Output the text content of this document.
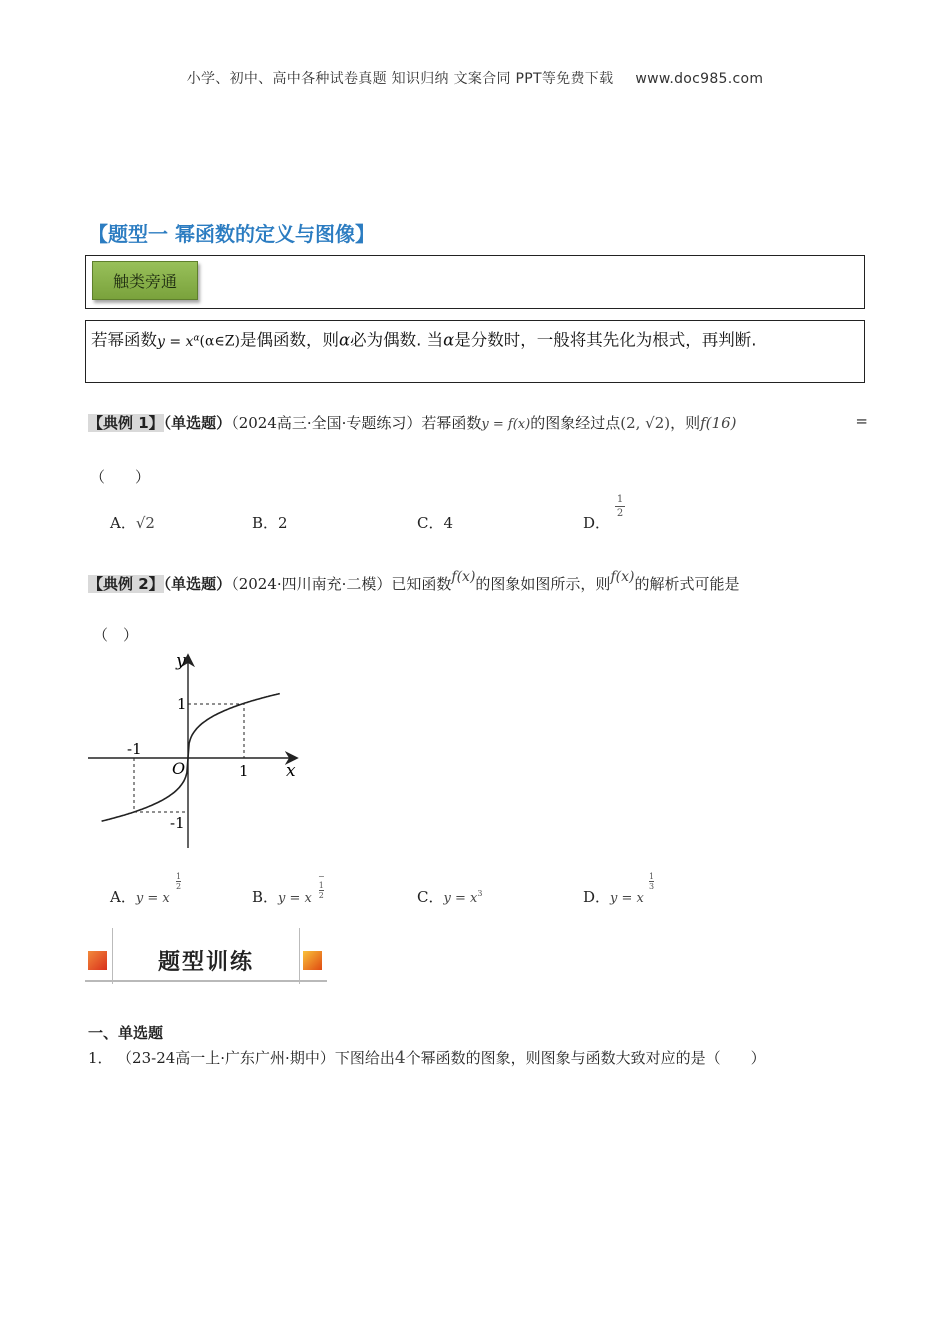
小学、初中、高中各种试卷真题 知识归纳 文案合同 PPT等免费下载 www.doc985.com
【题型一 幂函数的定义与图像】
触类旁通
若幂函数$y = x^\alpha(\alpha\in Z)$是偶函数，则α必为偶数. 当α是分数时，一般将其先化为根式，再判断.
【典例 1】（单选题）（2024高三·全国·专题练习）若幂函数y = f(x)的图象经过点(2, √2)，则f(16)	=
（　　）
A．√2	B．2	C．4	D．
$\frac{1}{2}$
【典例 2】（单选题）（2024·四川南充·二模）已知函数f(x)的图象如图所示，则f(x)的解析式可能是
（　）
y
x
O	1
-1
1
-1
A．y = x
$\frac{1}{2}$
B．y = x
−
$\frac{1}{2}$	C．$y = x^3$	D．y = x
$\frac{1}{3}$
题型训练
一、单选题
1． （23-24高一上·广东广州·期中）下图给出4个幂函数的图象，则图象与函数大致对应的是（　　）
